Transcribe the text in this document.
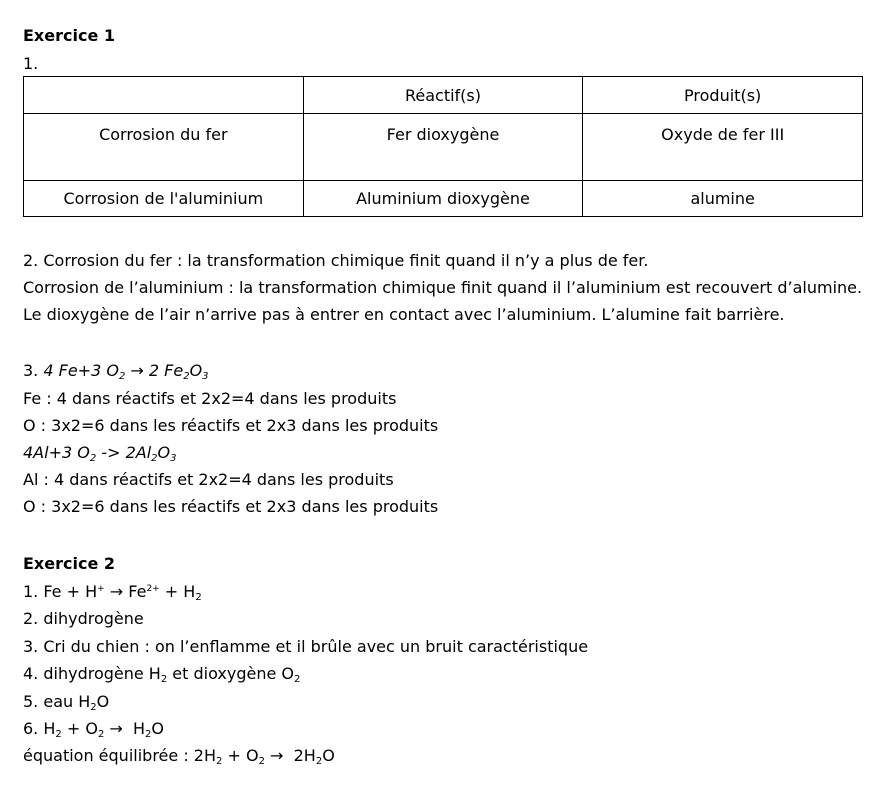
Exercice 1
1.
	Réactif(s)	Produit(s)
Corrosion du fer	Fer dioxygène	Oxyde de fer III
Corrosion de l'aluminium	Aluminium dioxygène	alumine
2. Corrosion du fer : la transformation chimique finit quand il n’y a plus de fer.
Corrosion de l’aluminium : la transformation chimique finit quand il l’aluminium est recouvert d’alumine.
Le dioxygène de l’air n’arrive pas à entrer en contact avec l’aluminium. L’alumine fait barrière.
3. 4 Fe+3 $O_2 \to 2$ $Fe_2O_3$
Fe : 4 dans réactifs et 2x2=4 dans les produits
O : 3x2=6 dans les réactifs et 2x3 dans les produits
4Al+3 $O_2 -> 2Al_2O_3$
Al : 4 dans réactifs et 2x2=4 dans les produits
O : 3x2=6 dans les réactifs et 2x3 dans les produits
Exercice 2
1. $Fe + H^+ \to Fe^{2+} + H_2$
2. dihydrogène
3. Cri du chien : on l’enflamme et il brûle avec un bruit caractéristique
4. dihydrogène $H_2$ et dioxygène $O_2$
5. eau $H_2O$
6. $H_2 + O_2 \to H_2O$
équation équilibrée : $2H_2 + O_2 \to 2H_2O$
